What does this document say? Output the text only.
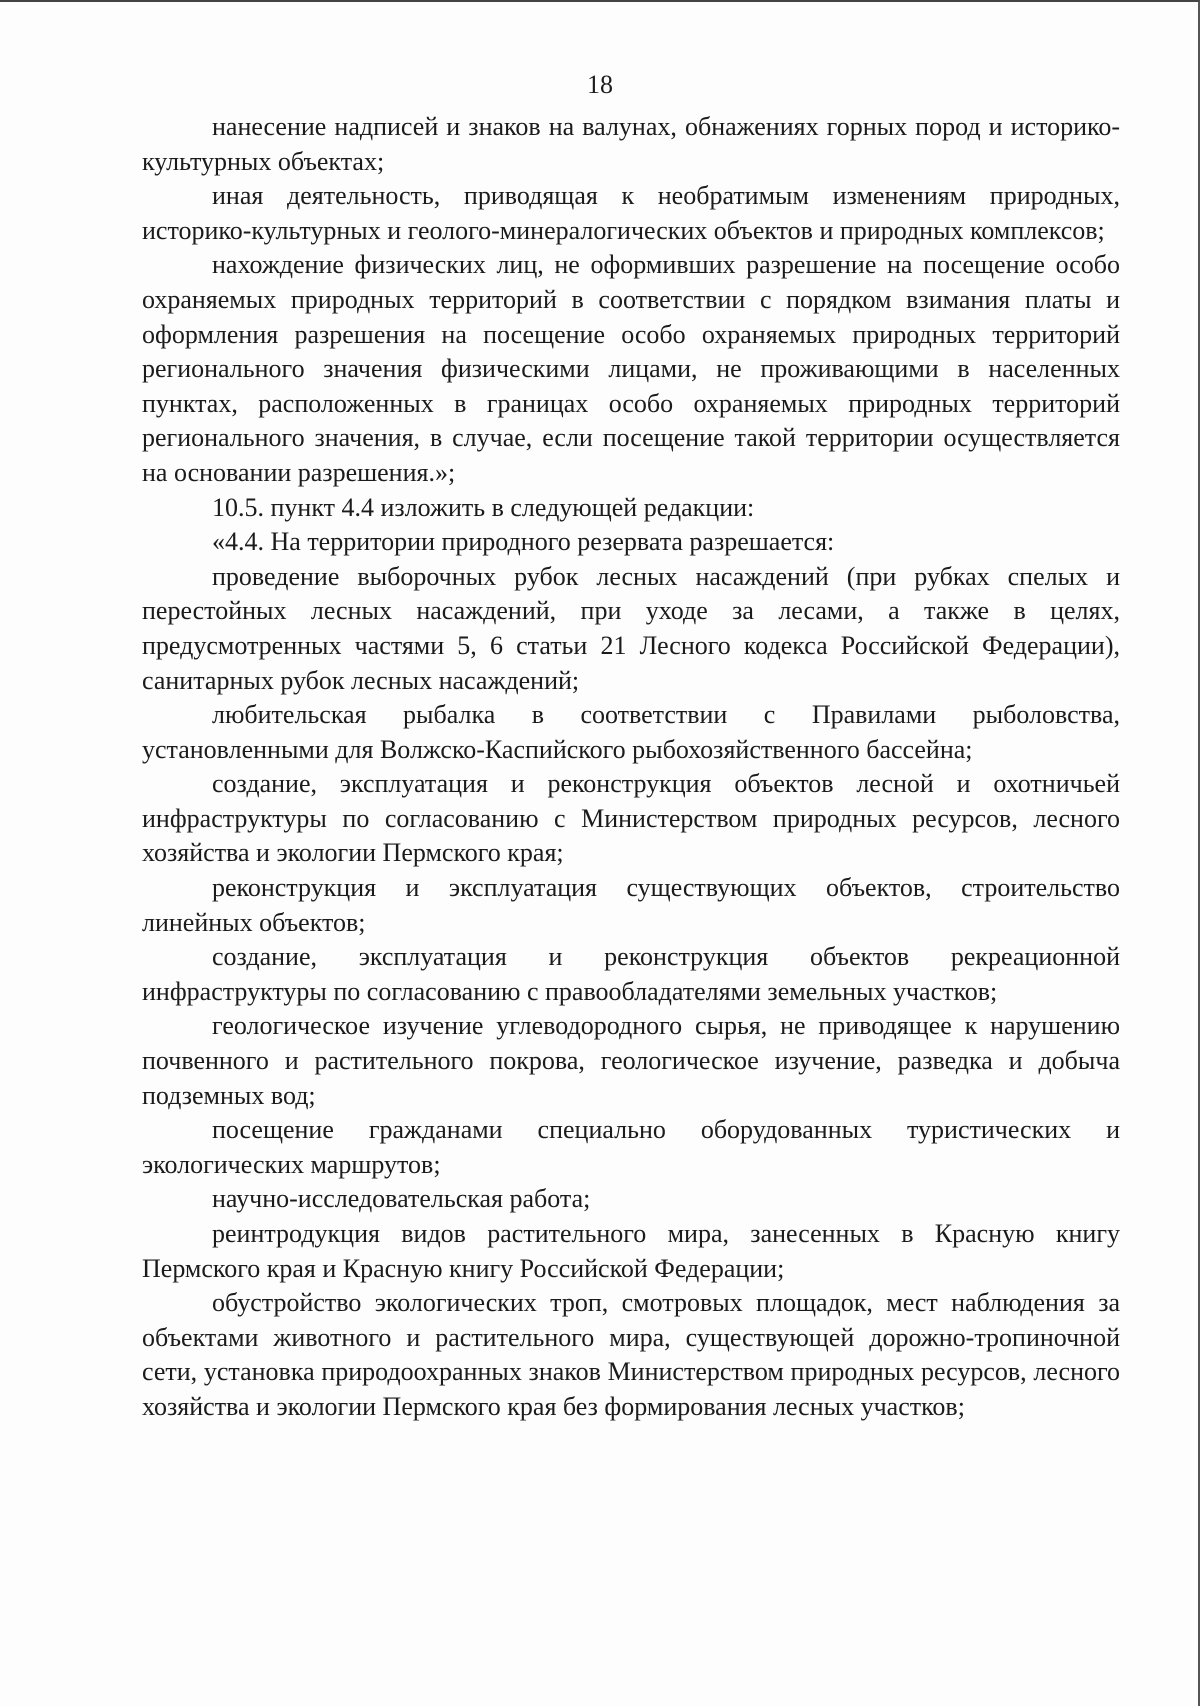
18

нанесение надписей и знаков на валунах, обнажениях горных пород и историко-культурных объектах;

иная деятельность, приводящая к необратимым изменениям природных, историко-культурных и геолого-минералогических объектов и природных комплексов;

нахождение физических лиц, не оформивших разрешение на посещение особо охраняемых природных территорий в соответствии с порядком взимания платы и оформления разрешения на посещение особо охраняемых природных территорий регионального значения физическими лицами, не проживающими в населенных пунктах, расположенных в границах особо охраняемых природных территорий регионального значения, в случае, если посещение такой территории осуществляется на основании разрешения.»;

10.5. пункт 4.4 изложить в следующей редакции:

«4.4. На территории природного резервата разрешается:

проведение выборочных рубок лесных насаждений (при рубках спелых и перестойных лесных насаждений, при уходе за лесами, а также в целях, предусмотренных частями 5, 6 статьи 21 Лесного кодекса Российской Федерации), санитарных рубок лесных насаждений;

любительская рыбалка в соответствии с Правилами рыболовства, установленными для Волжско-Каспийского рыбохозяйственного бассейна;

создание, эксплуатация и реконструкция объектов лесной и охотничьей инфраструктуры по согласованию с Министерством природных ресурсов, лесного хозяйства и экологии Пермского края;

реконструкция и эксплуатация существующих объектов, строительство линейных объектов;

создание, эксплуатация и реконструкция объектов рекреационной инфраструктуры по согласованию с правообладателями земельных участков;

геологическое изучение углеводородного сырья, не приводящее к нарушению почвенного и растительного покрова, геологическое изучение, разведка и добыча подземных вод;

посещение гражданами специально оборудованных туристических и экологических маршрутов;

научно-исследовательская работа;

реинтродукция видов растительного мира, занесенных в Красную книгу Пермского края и Красную книгу Российской Федерации;

обустройство экологических троп, смотровых площадок, мест наблюдения за объектами животного и растительного мира, существующей дорожно-тропиночной сети, установка природоохранных знаков Министерством природных ресурсов, лесного хозяйства и экологии Пермского края без формирования лесных участков;
